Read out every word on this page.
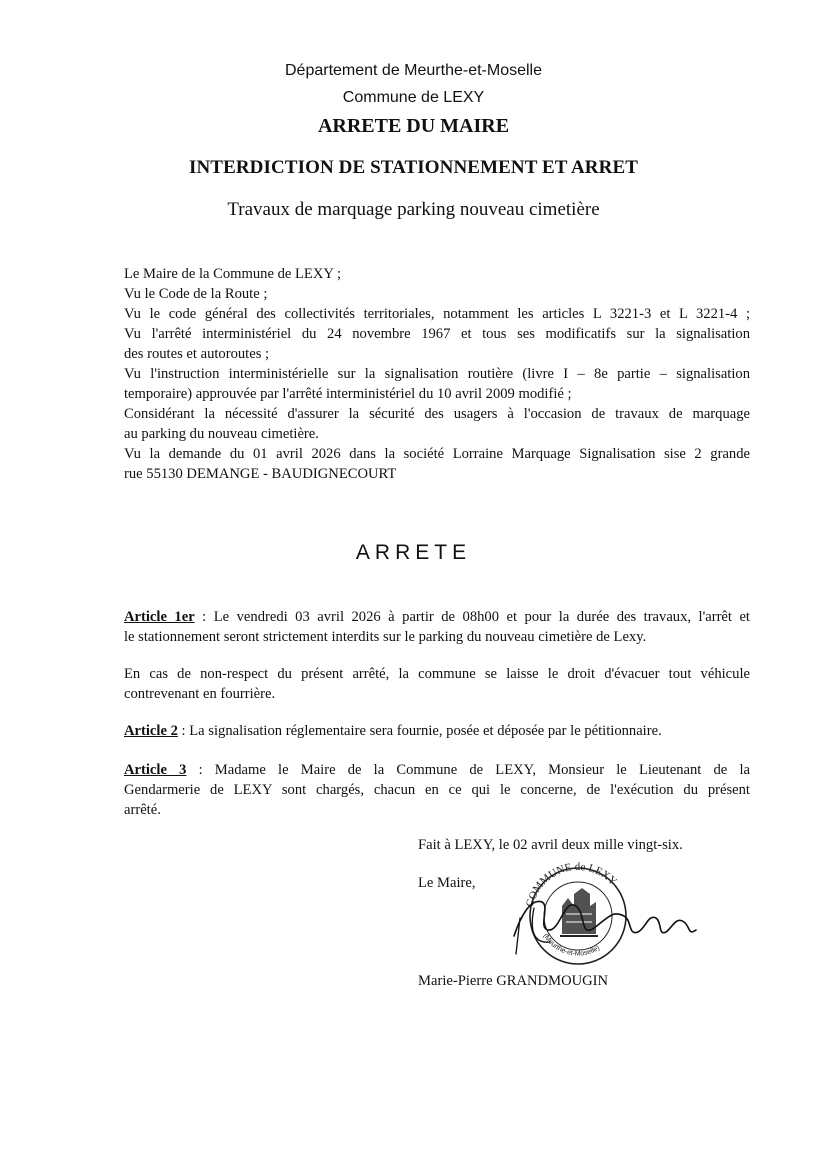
Département de Meurthe-et-Moselle
Commune de LEXY
ARRETE DU MAIRE
INTERDICTION DE STATIONNEMENT ET ARRET
Travaux de marquage parking nouveau cimetière
Le Maire de la Commune de LEXY ;
Vu le Code de la Route ;
Vu le code général des collectivités territoriales, notamment les articles L 3221-3 et L 3221-4 ;
Vu l'arrêté interministériel du 24 novembre 1967 et tous ses modificatifs sur la signalisation
des routes et autoroutes ;
Vu l'instruction interministérielle sur la signalisation routière (livre I – 8e partie – signalisation
temporaire) approuvée par l'arrêté interministériel du 10 avril 2009 modifié ;
Considérant la nécessité d'assurer la sécurité des usagers à l'occasion de travaux de marquage
au parking du nouveau cimetière.
Vu la demande du 01 avril 2026 dans la société Lorraine Marquage Signalisation sise 2 grande
rue 55130 DEMANGE - BAUDIGNECOURT
ARRETE
Article 1er : Le vendredi 03 avril 2026 à partir de 08h00 et pour la durée des travaux, l'arrêt et
le stationnement seront strictement interdits sur le parking du nouveau cimetière de Lexy.
En cas de non-respect du présent arrêté, la commune se laisse le droit d'évacuer tout véhicule
contrevenant en fourrière.
Article 2 : La signalisation réglementaire sera fournie, posée et déposée par le pétitionnaire.
Article 3 : Madame le Maire de la Commune de LEXY, Monsieur le Lieutenant de la
Gendarmerie de LEXY sont chargés, chacun en ce qui le concerne, de l'exécution du présent
arrêté.
Fait à LEXY, le 02 avril deux mille vingt-six.
Le Maire,
COMMUNE de LEXY
(Meurthe-et-Moselle)
Marie-Pierre GRANDMOUGIN
